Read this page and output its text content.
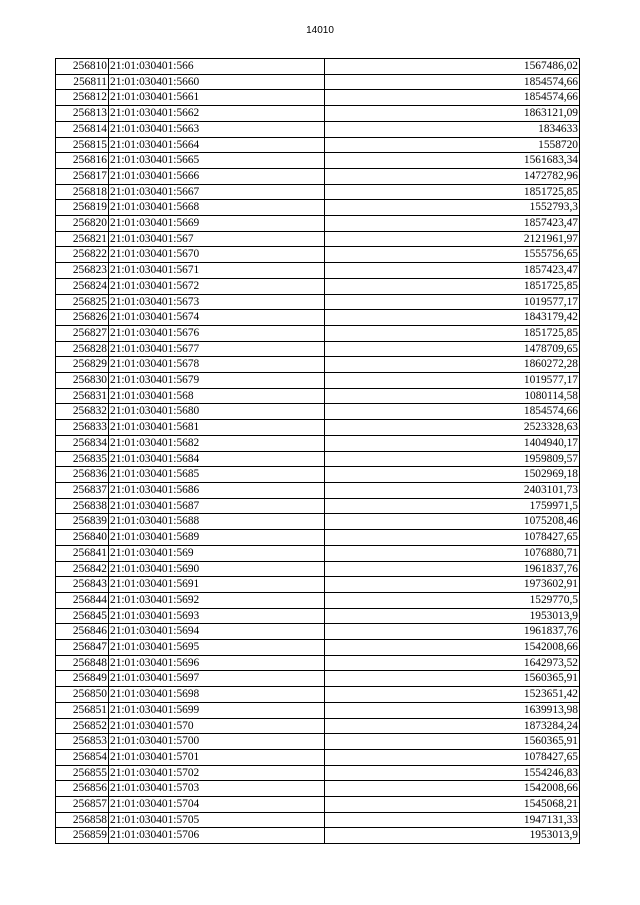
14010
256810	21:01:030401:566	1567486,02
256811	21:01:030401:5660	1854574,66
256812	21:01:030401:5661	1854574,66
256813	21:01:030401:5662	1863121,09
256814	21:01:030401:5663	1834633
256815	21:01:030401:5664	1558720
256816	21:01:030401:5665	1561683,34
256817	21:01:030401:5666	1472782,96
256818	21:01:030401:5667	1851725,85
256819	21:01:030401:5668	1552793,3
256820	21:01:030401:5669	1857423,47
256821	21:01:030401:567	2121961,97
256822	21:01:030401:5670	1555756,65
256823	21:01:030401:5671	1857423,47
256824	21:01:030401:5672	1851725,85
256825	21:01:030401:5673	1019577,17
256826	21:01:030401:5674	1843179,42
256827	21:01:030401:5676	1851725,85
256828	21:01:030401:5677	1478709,65
256829	21:01:030401:5678	1860272,28
256830	21:01:030401:5679	1019577,17
256831	21:01:030401:568	1080114,58
256832	21:01:030401:5680	1854574,66
256833	21:01:030401:5681	2523328,63
256834	21:01:030401:5682	1404940,17
256835	21:01:030401:5684	1959809,57
256836	21:01:030401:5685	1502969,18
256837	21:01:030401:5686	2403101,73
256838	21:01:030401:5687	1759971,5
256839	21:01:030401:5688	1075208,46
256840	21:01:030401:5689	1078427,65
256841	21:01:030401:569	1076880,71
256842	21:01:030401:5690	1961837,76
256843	21:01:030401:5691	1973602,91
256844	21:01:030401:5692	1529770,5
256845	21:01:030401:5693	1953013,9
256846	21:01:030401:5694	1961837,76
256847	21:01:030401:5695	1542008,66
256848	21:01:030401:5696	1642973,52
256849	21:01:030401:5697	1560365,91
256850	21:01:030401:5698	1523651,42
256851	21:01:030401:5699	1639913,98
256852	21:01:030401:570	1873284,24
256853	21:01:030401:5700	1560365,91
256854	21:01:030401:5701	1078427,65
256855	21:01:030401:5702	1554246,83
256856	21:01:030401:5703	1542008,66
256857	21:01:030401:5704	1545068,21
256858	21:01:030401:5705	1947131,33
256859	21:01:030401:5706	1953013,9
